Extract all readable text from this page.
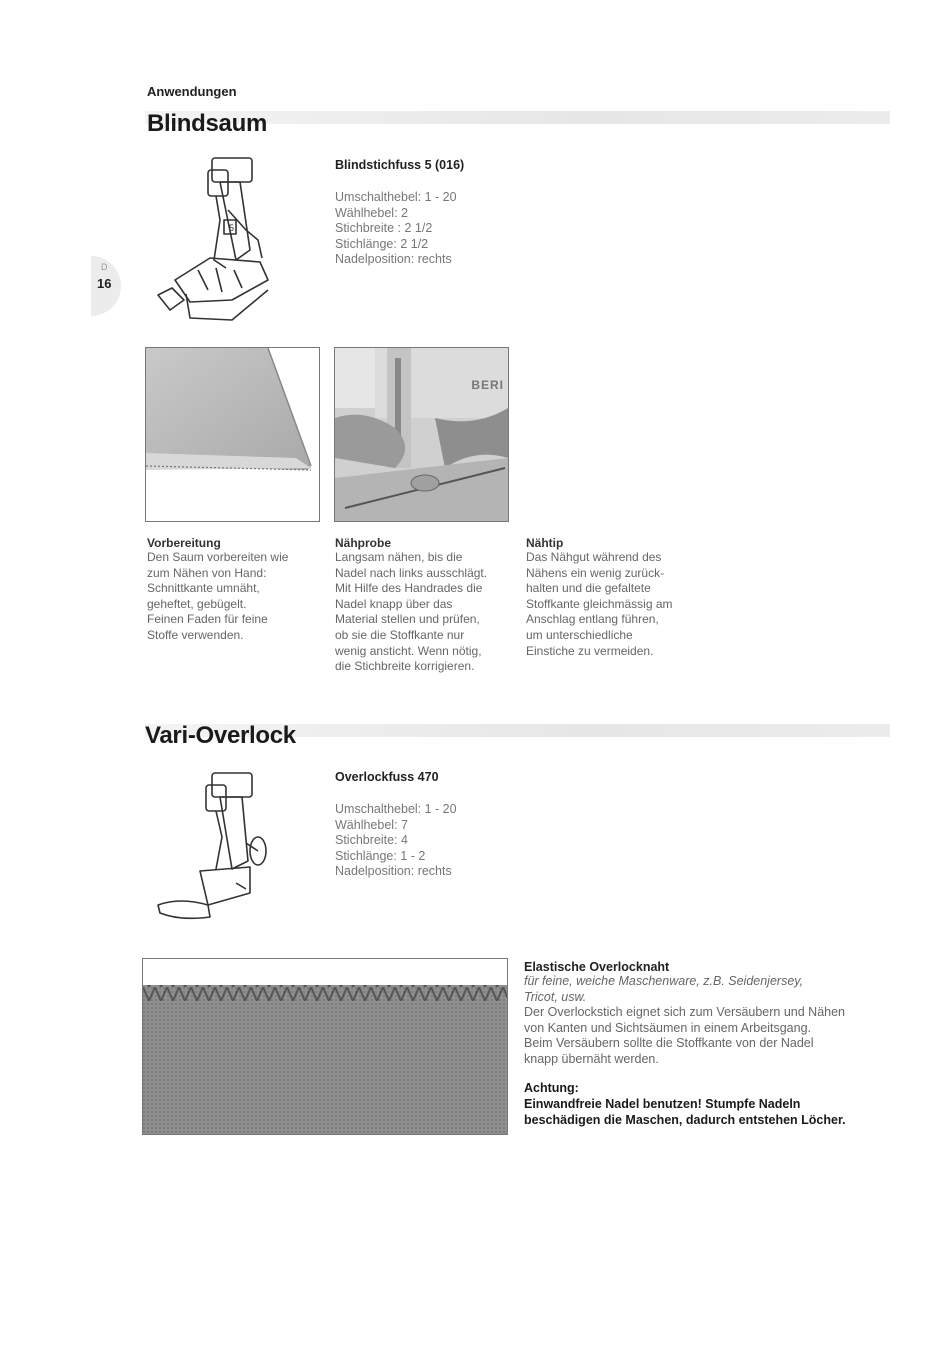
D
16
Anwendungen
Blindsaum
5
Blindstichfuss 5 (016)
Umschalthebel: 1 - 20
Wählhebel: 2
Stichbreite : 2 1/2
Stichlänge: 2 1/2
Nadelposition: rechts
BERI
Vorbereitung
Den Saum vorbereiten wie
zum Nähen von Hand:
Schnittkante umnäht,
geheftet, gebügelt.
Feinen Faden für feine
Stoffe verwenden.
Nähprobe
Langsam nähen, bis die
Nadel nach links ausschlägt.
Mit Hilfe des Handrades die
Nadel knapp über das
Material stellen und prüfen,
ob sie die Stoffkante nur
wenig ansticht. Wenn nötig,
die Stichbreite korrigieren.
Nähtip
Das Nähgut während des
Nähens ein wenig zurück-
halten und die gefaltete
Stoffkante gleichmässig am
Anschlag entlang führen,
um unterschiedliche
Einstiche zu vermeiden.
Vari-Overlock
Overlockfuss 470
Umschalthebel: 1 - 20
Wählhebel: 7
Stichbreite: 4
Stichlänge: 1 - 2
Nadelposition: rechts
Elastische Overlocknaht
für feine, weiche Maschenware, z.B. Seidenjersey,
Tricot, usw.
Der Overlockstich eignet sich zum Versäubern und Nähen
von Kanten und Sichtsäumen in einem Arbeitsgang.
Beim Versäubern sollte die Stoffkante von der Nadel
knapp übernäht werden.
Achtung:
Einwandfreie Nadel benutzen! Stumpfe Nadeln
beschädigen die Maschen, dadurch entstehen Löcher.
